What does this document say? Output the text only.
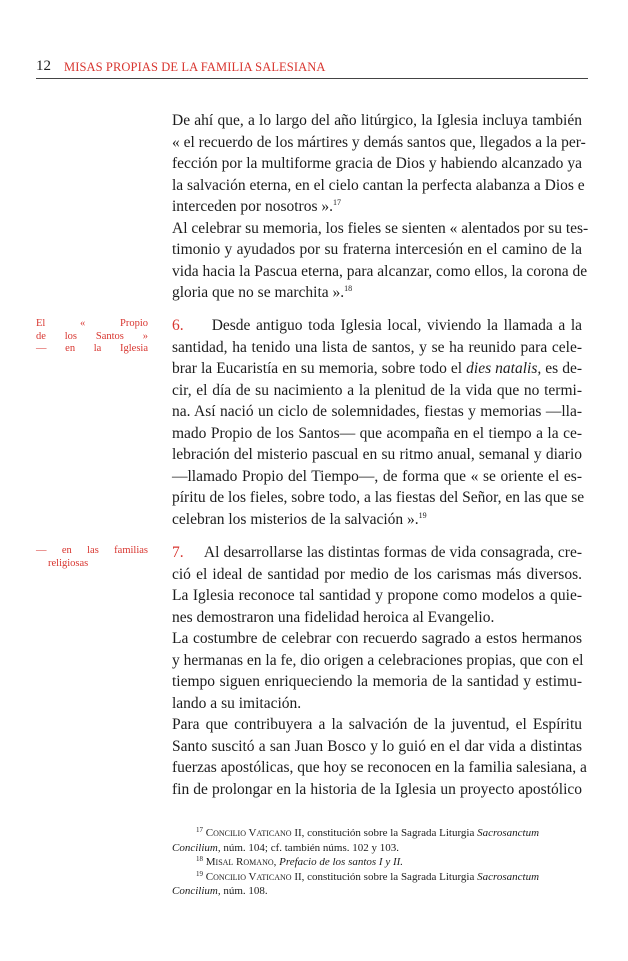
12 MISAS PROPIAS DE LA FAMILIA SALESIANA
De ahí que, a lo largo del año litúrgico, la Iglesia incluya también
« el recuerdo de los mártires y demás santos que, llegados a la per-
fección por la multiforme gracia de Dios y habiendo alcanzado ya
la salvación eterna, en el cielo cantan la perfecta alabanza a Dios e
interceden por nosotros ».$^{17}$
Al celebrar su memoria, los fieles se sienten « alentados por su tes-
timonio y ayudados por su fraterna intercesión en el camino de la
vida hacia la Pascua eterna, para alcanzar, como ellos, la corona de
gloria que no se marchita ».$^{18}$
El « Propio
de los Santos »
— en la Iglesia
6. Desde antiguo toda Iglesia local, viviendo la llamada a la
santidad, ha tenido una lista de santos, y se ha reunido para cele-
brar la Eucaristía en su memoria, sobre todo el dies natalis, es de-
cir, el día de su nacimiento a la plenitud de la vida que no termi-
na. Así nació un ciclo de solemnidades, fiestas y memorias —lla-
mado Propio de los Santos— que acompaña en el tiempo a la ce-
lebración del misterio pascual en su ritmo anual, semanal y diario
—llamado Propio del Tiempo—, de forma que « se oriente el es-
píritu de los fieles, sobre todo, a las fiestas del Señor, en las que se
celebran los misterios de la salvación ».$^{19}$
— en las familias
religiosas
7. Al desarrollarse las distintas formas de vida consagrada, cre-
ció el ideal de santidad por medio de los carismas más diversos.
La Iglesia reconoce tal santidad y propone como modelos a quie-
nes demostraron una fidelidad heroica al Evangelio.
La costumbre de celebrar con recuerdo sagrado a estos hermanos
y hermanas en la fe, dio origen a celebraciones propias, que con el
tiempo siguen enriqueciendo la memoria de la santidad y estimu-
lando a su imitación.
Para que contribuyera a la salvación de la juventud, el Espíritu
Santo suscitó a san Juan Bosco y lo guió en el dar vida a distintas
fuerzas apostólicas, que hoy se reconocen en la familia salesiana, a
fin de prolongar en la historia de la Iglesia un proyecto apostólico
$^{17}$ Concilio Vaticano II, constitución sobre la Sagrada Liturgia Sacrosanctum
Concilium, núm. 104; cf. también núms. 102 y 103.
$^{18}$ Misal Romano, Prefacio de los santos I y II.
$^{19}$ Concilio Vaticano II, constitución sobre la Sagrada Liturgia Sacrosanctum
Concilium, núm. 108.
